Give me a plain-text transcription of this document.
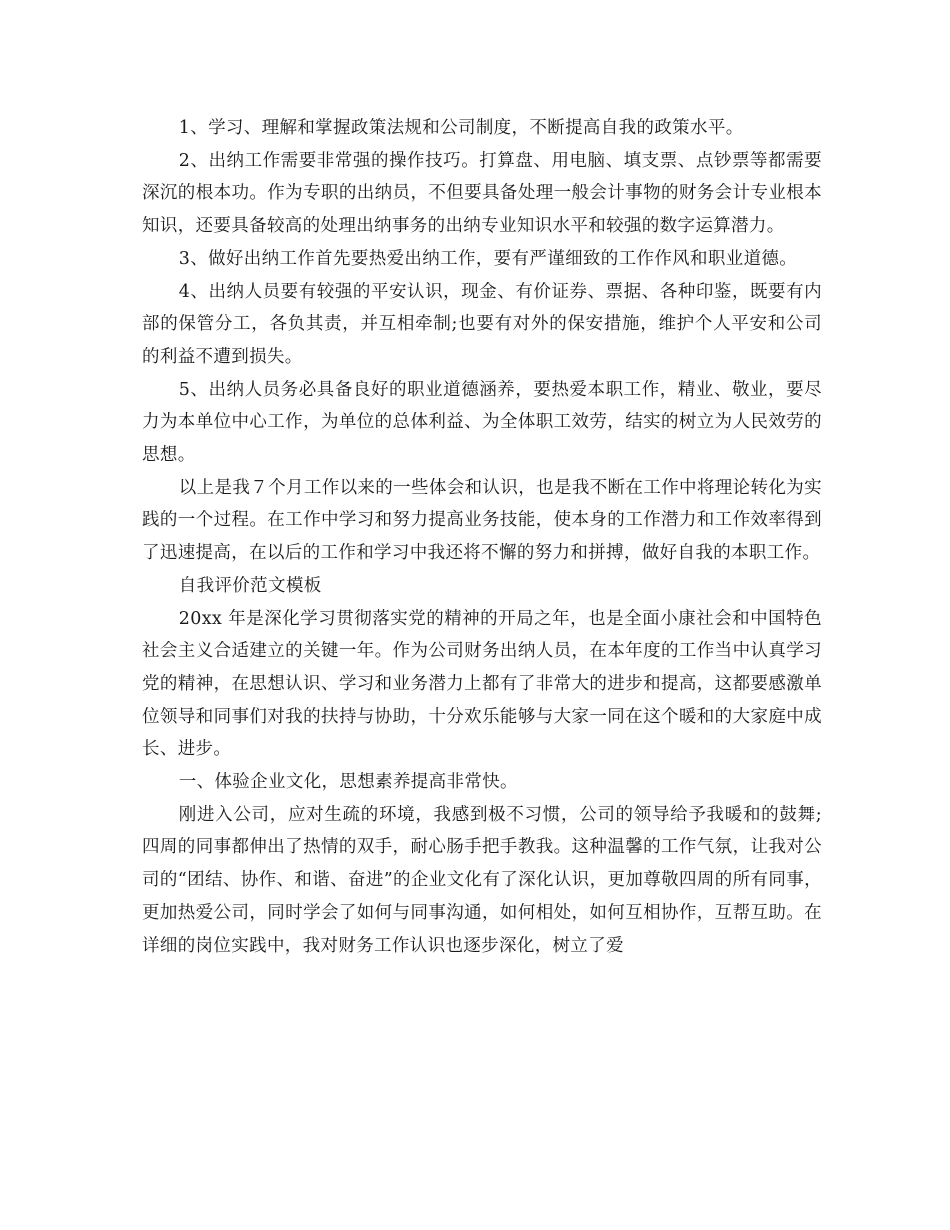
1、学习、理解和掌握政策法规和公司制度，不断提高自我的政策水平。

2、出纳工作需要非常强的操作技巧。打算盘、用电脑、填支票、点钞票等都需要深沉的根本功。作为专职的出纳员，不但要具备处理一般会计事物的财务会计专业根本知识，还要具备较高的处理出纳事务的出纳专业知识水平和较强的数字运算潜力。

3、做好出纳工作首先要热爱出纳工作，要有严谨细致的工作作风和职业道德。

4、出纳人员要有较强的平安认识，现金、有价证券、票据、各种印鉴，既要有内部的保管分工，各负其责，并互相牵制;也要有对外的保安措施，维护个人平安和公司的利益不遭到损失。

5、出纳人员务必具备良好的职业道德涵养，要热爱本职工作，精业、敬业，要尽力为本单位中心工作，为单位的总体利益、为全体职工效劳，结实的树立为人民效劳的思想。

以上是我７个月工作以来的一些体会和认识，也是我不断在工作中将理论转化为实践的一个过程。在工作中学习和努力提高业务技能，使本身的工作潜力和工作效率得到了迅速提高，在以后的工作和学习中我还将不懈的努力和拼搏，做好自我的本职工作。

自我评价范文模板

20xx 年是深化学习贯彻落实党的精神的开局之年，也是全面小康社会和中国特色社会主义合适建立的关键一年。作为公司财务出纳人员，在本年度的工作当中认真学习党的精神，在思想认识、学习和业务潜力上都有了非常大的进步和提高，这都要感激单位领导和同事们对我的扶持与协助，十分欢乐能够与大家一同在这个暖和的大家庭中成长、进步。

一、体验企业文化，思想素养提高非常快。

刚进入公司，应对生疏的环境，我感到极不习惯，公司的领导给予我暖和的鼓舞;四周的同事都伸出了热情的双手，耐心肠手把手教我。这种温馨的工作气氛，让我对公司的“团结、协作、和谐、奋进”的企业文化有了深化认识，更加尊敬四周的所有同事，更加热爱公司，同时学会了如何与同事沟通，如何相处，如何互相协作，互帮互助。在详细的岗位实践中，我对财务工作认识也逐步深化，树立了爱
